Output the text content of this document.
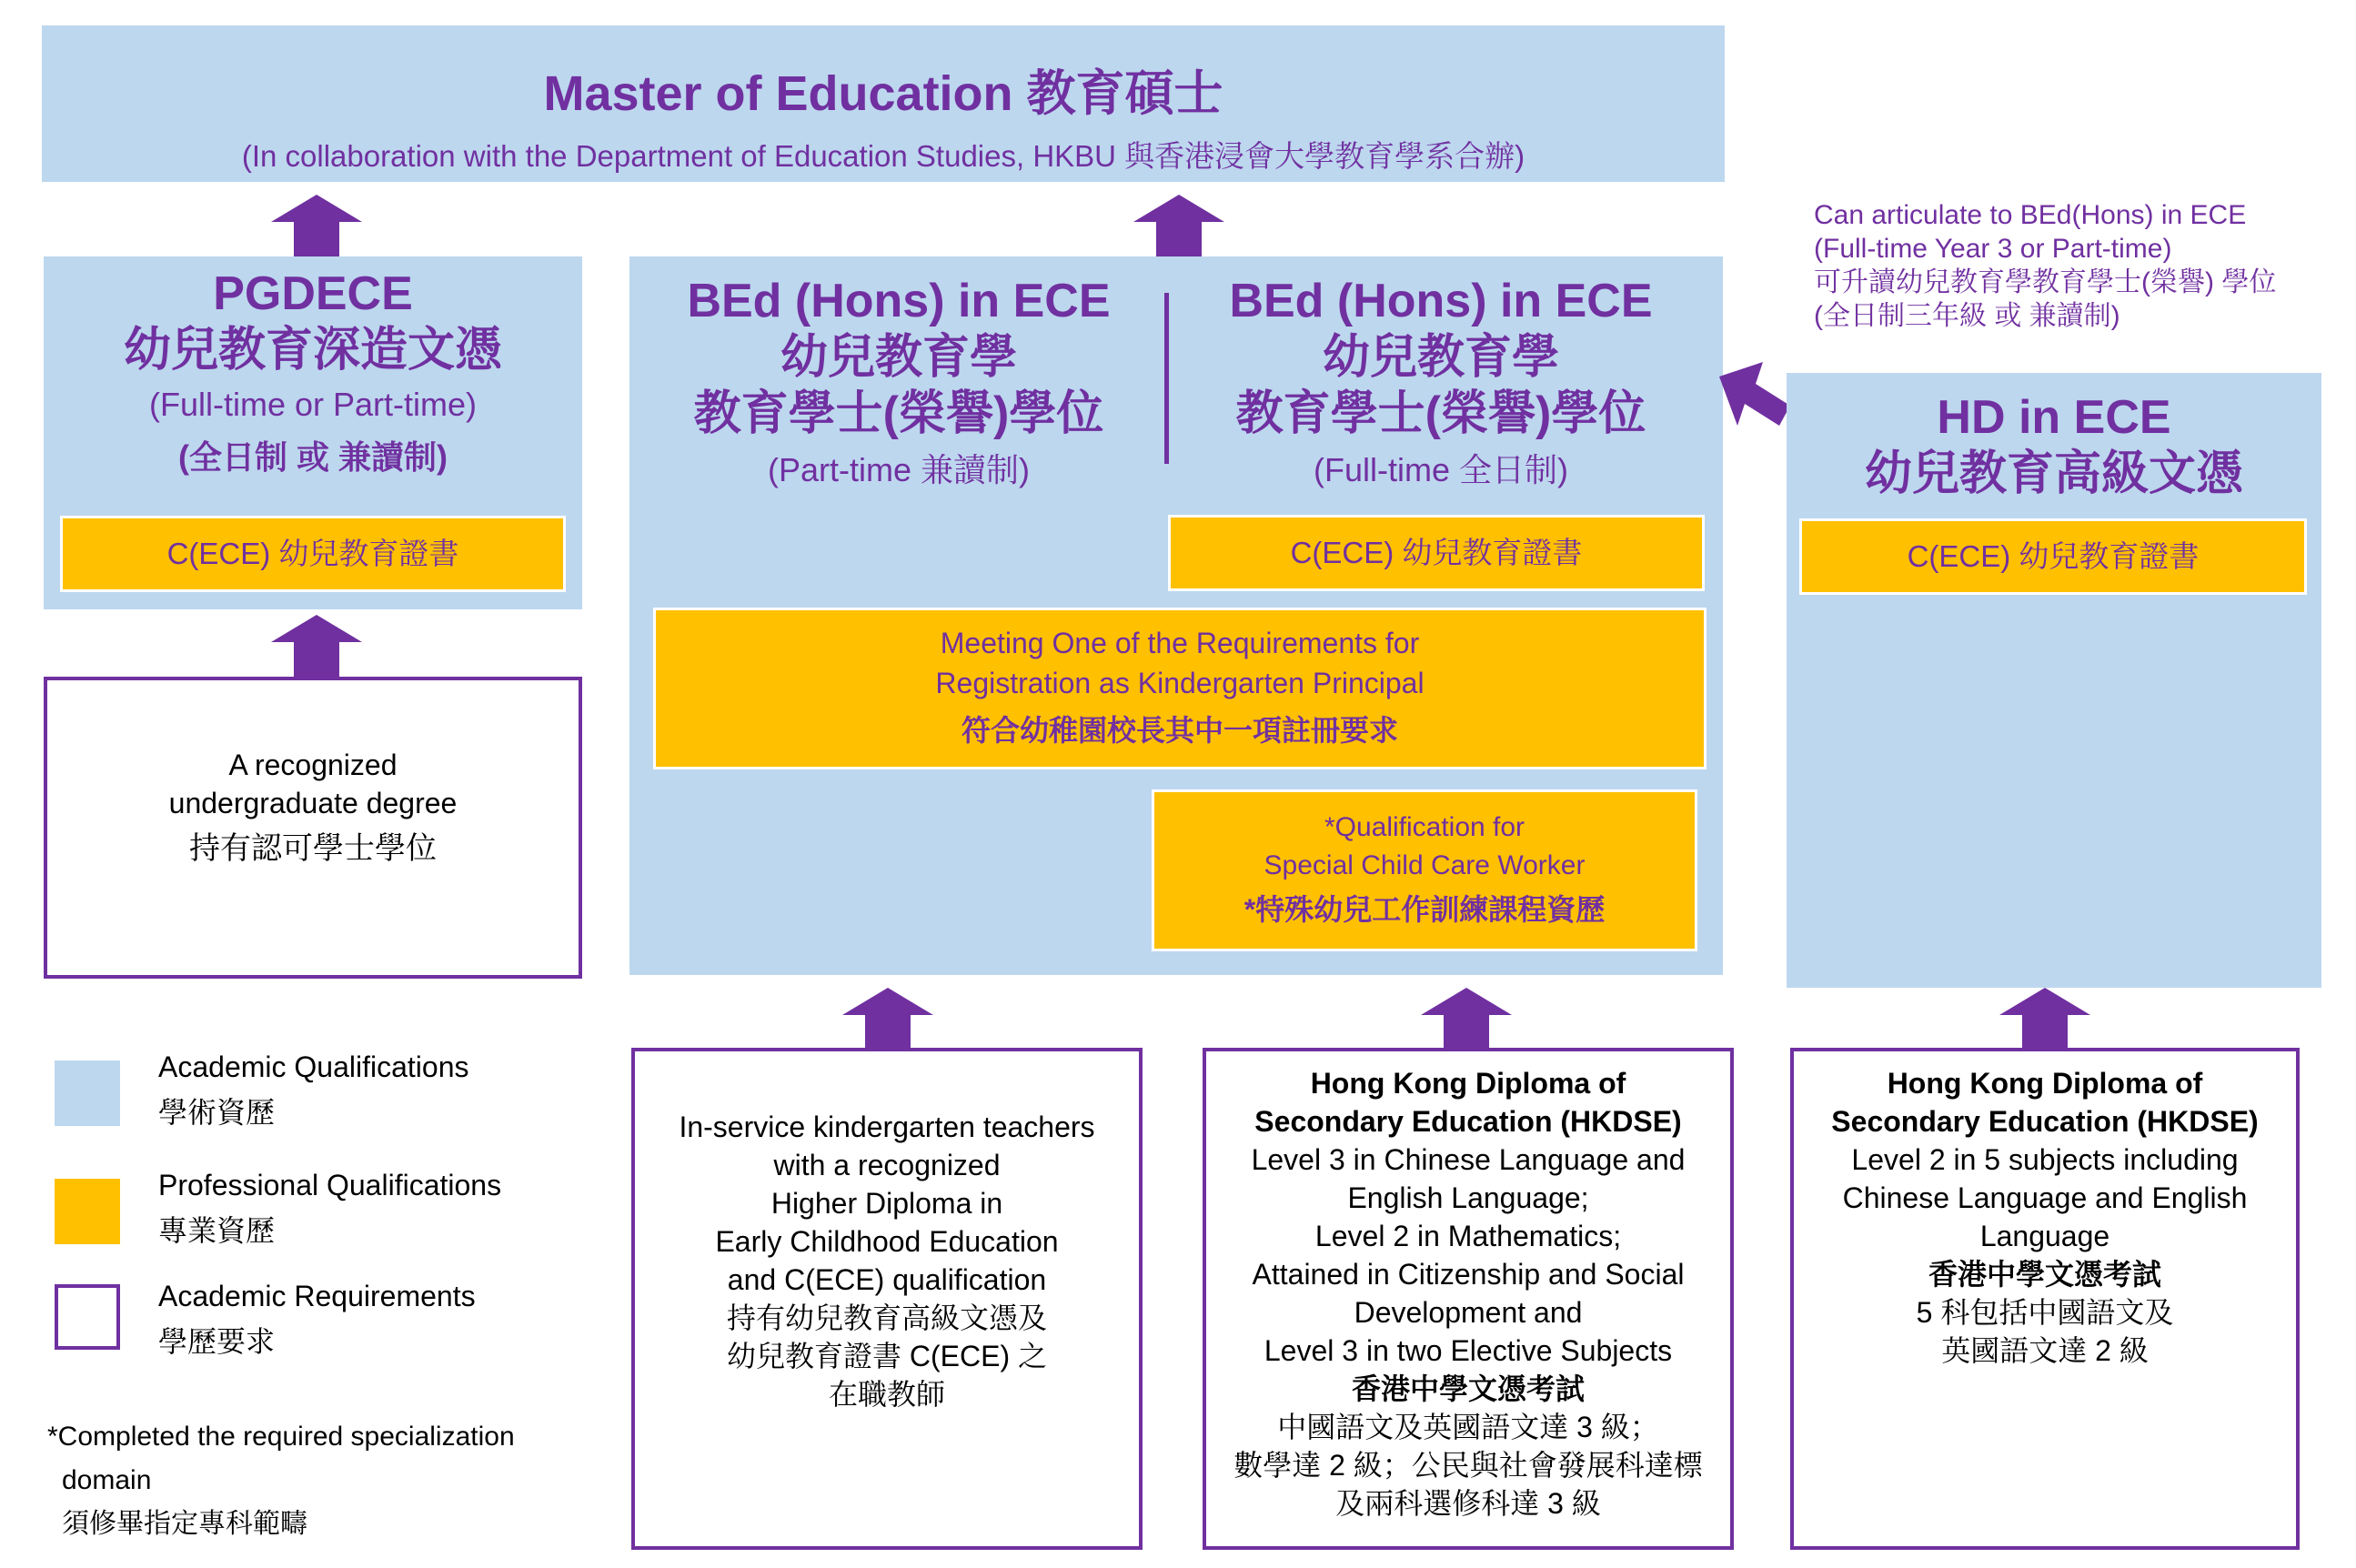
Master of Education 教育碩士
(In collaboration with the Department of Education Studies, HKBU 與香港浸會大學教育學系合辦)
PGDECE
幼兒教育深造文憑
(Full-time or Part-time)
(全日制 或 兼讀制)
C(ECE) 幼兒教育證書
BEd (Hons) in ECE
幼兒教育學
教育學士(榮譽)學位
(Part-time 兼讀制)
BEd (Hons) in ECE
幼兒教育學
教育學士(榮譽)學位
(Full-time 全日制)
C(ECE) 幼兒教育證書
Meeting One of the Requirements for
Registration as Kindergarten Principal
符合幼稚園校長其中一項註冊要求
*Qualification for
Special Child Care Worker
*特殊幼兒工作訓練課程資歷
Can articulate to BEd(Hons) in ECE
(Full-time Year 3 or Part-time)
可升讀幼兒教育學教育學士(榮譽) 學位
(全日制三年級 或 兼讀制)
HD in ECE
幼兒教育高級文憑
C(ECE) 幼兒教育證書
A recognized
undergraduate degree
持有認可學士學位
In-service kindergarten teachers
with a recognized
Higher Diploma in
Early Childhood Education
and C(ECE) qualification
持有幼兒教育高級文憑及
幼兒教育證書 C(ECE) 之
在職教師
Hong Kong Diploma of
Secondary Education (HKDSE)
Level 3 in Chinese Language and
English Language;
Level 2 in Mathematics;
Attained in Citizenship and Social
Development and
Level 3 in two Elective Subjects
香港中學文憑考試
中國語文及英國語文達 3 級；
數學達 2 級；公民與社會發展科達標
及兩科選修科達 3 級
Hong Kong Diploma of
Secondary Education (HKDSE)
Level 2 in 5 subjects including
Chinese Language and English
Language
香港中學文憑考試
5 科包括中國語文及
英國語文達 2 級
Academic Qualifications
學術資歷
Professional Qualifications
專業資歷
Academic Requirements
學歷要求
*Completed the required specialization
domain
須修畢指定專科範疇
